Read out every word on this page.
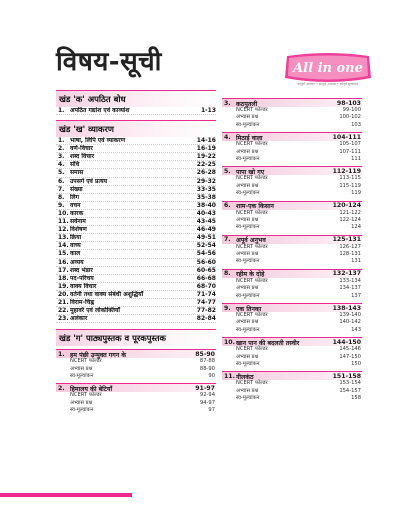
विषय-सूची	All in one
सम्पूर्ण अध्ययन • सम्पूर्ण अभ्यास • सम्पूर्ण मूल्यांकन
खंड 'क' अपठित बोध
1. अपठित गद्यांश एवं काव्यांश	1-13
खंड 'ख' व्याकरण
1. भाषा, लिपि एवं व्याकरण	14-16
2. वर्ण-विचार	16-19
3. शब्द विचार	19-22
4. संधि	22-25
5. समास	26-28
6. उपसर्ग एवं प्रत्यय	29-32
7. संख्या	33-35
8. लिंग	35-38
9. वचन	38-40
10. कारक	40-43
11. सर्वनाम	43-45
12. विशेषण	46-49
13. क्रिया	49-51
14. वाच्य	52-54
15. काल	54-56
16. अव्यय	56-60
17. शब्द भंडार	60-65
18. पद-परिचय	66-68
19. वाक्य विचार	68-70
20. वर्तनी तथा वाक्य संबंधी अशुद्धियाँ	71-74
21. विराम-चिह्न	74-77
22. मुहावरे एवं लोकोक्तियाँ	77-82
23. अलंकार	82-84
खंड 'ग' पाठ्यपुस्तक व पूरकपुस्तक
1. हम पंछी उन्मुक्त गगन के	85-90
NCERT फोल्डर	87-88
अभ्यास प्रश्न	88-90
स्व-मूल्यांकन	90
2. हिमालय की बेटियाँ	91-97
NCERT फोल्डर	92-94
अभ्यास प्रश्न	94-97
स्व-मूल्यांकन	97
3. कठपुतली	98-103
NCERT फोल्डर	99-100
अभ्यास प्रश्न	100-102
स्व-मूल्यांकन	103
4. मिठाई वाला	104-111
NCERT फोल्डर	105-107
अभ्यास प्रश्न	107-111
स्व-मूल्यांकन	111
5. पापा खो गए	112-119
NCERT फोल्डर	113-115
अभ्यास प्रश्न	115-119
स्व-मूल्यांकन	119
6. शाम-एक किसान	120-124
NCERT फोल्डर	121-122
अभ्यास प्रश्न	122-124
स्व-मूल्यांकन	124
7. अपूर्व अनुभव	125-131
NCERT फोल्डर	126-127
अभ्यास प्रश्न	128-131
स्व-मूल्यांकन	131
8. रहीम के दोहे	132-137
NCERT फोल्डर	133-134
अभ्यास प्रश्न	134-137
स्व-मूल्यांकन	137
9. एक तिनका	138-143
NCERT फोल्डर	139-140
अभ्यास प्रश्न	140-142
स्व-मूल्यांकन	143
10. खान पान की बदलती तस्वीर	144-150
NCERT फोल्डर	145-146
अभ्यास प्रश्न	147-150
स्व-मूल्यांकन	150
11. नीलकंठ	151-158
NCERT फोल्डर	153-154
अभ्यास प्रश्न	154-157
स्व-मूल्यांकन	158
